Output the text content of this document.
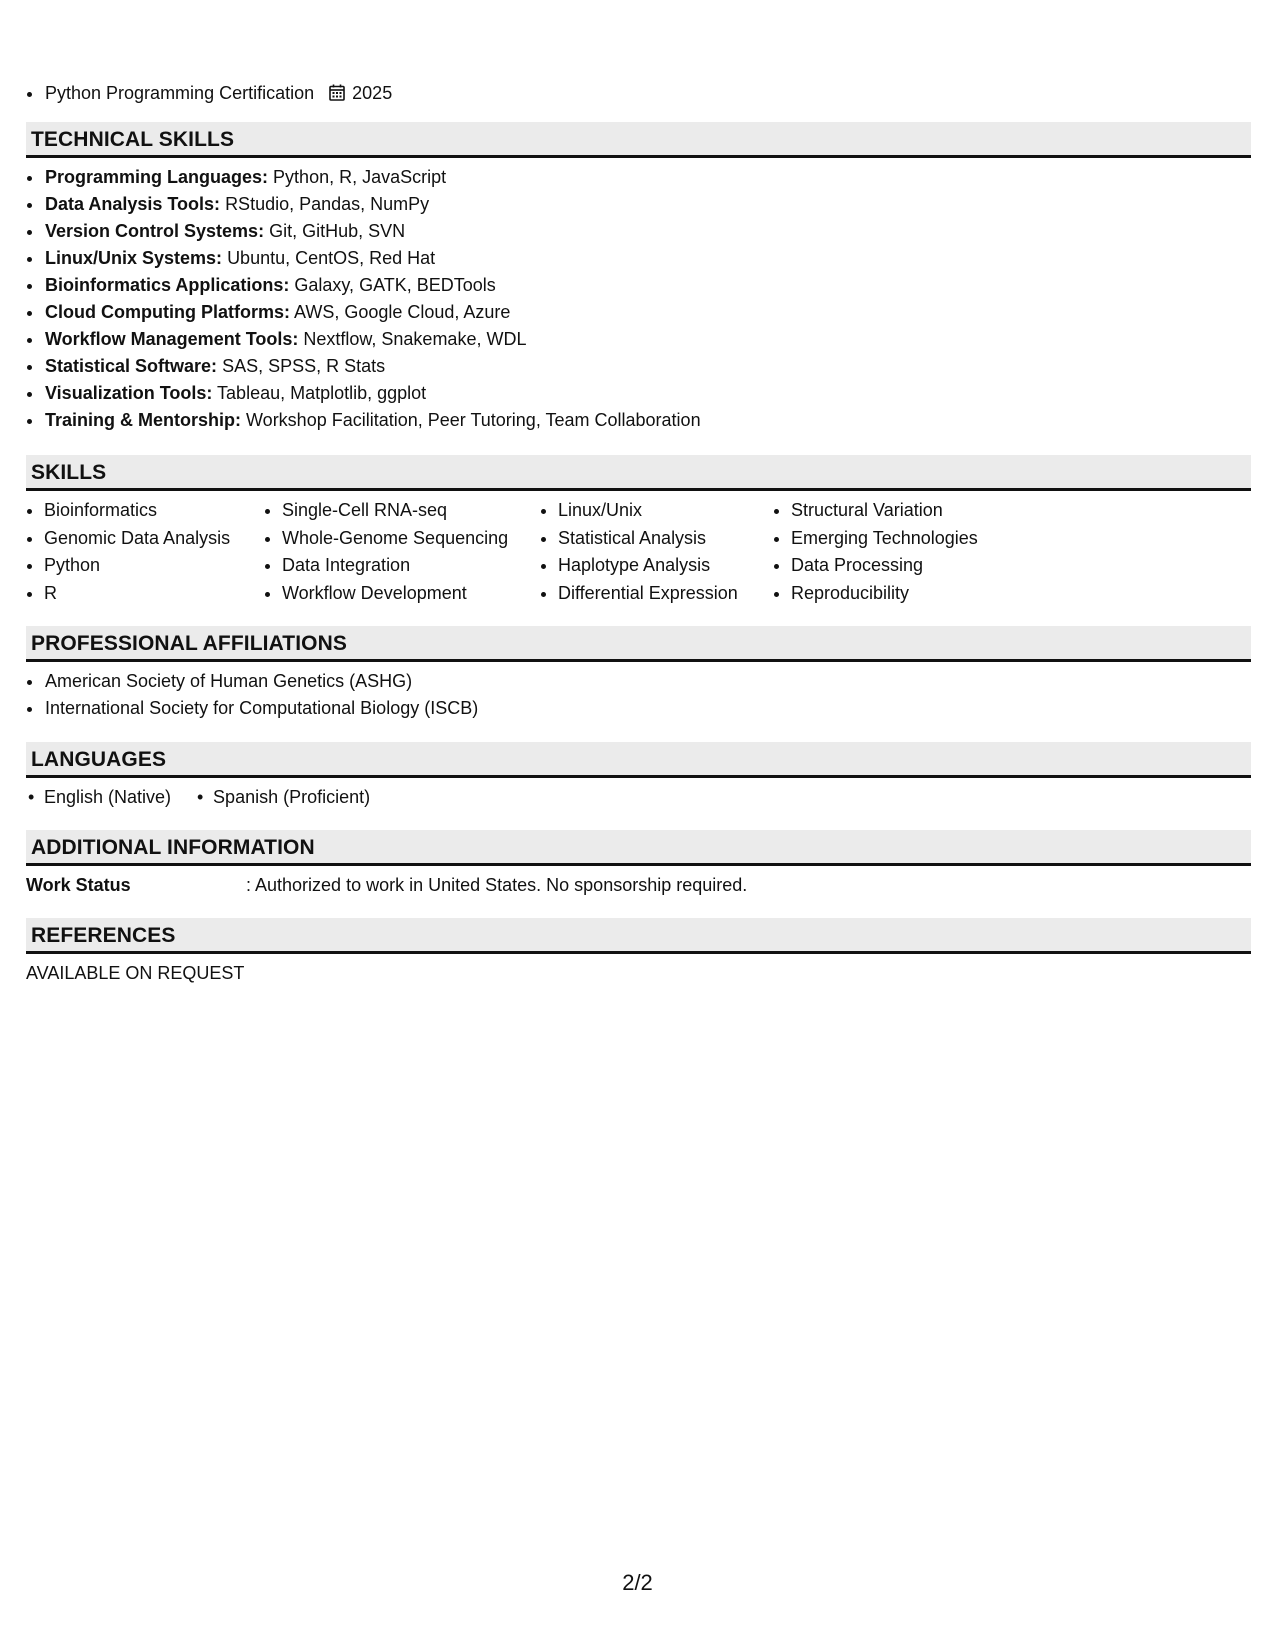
• Python Programming Certification 2025
TECHNICAL SKILLS
• Programming Languages: Python, R, JavaScript
• Data Analysis Tools: RStudio, Pandas, NumPy
• Version Control Systems: Git, GitHub, SVN
• Linux/Unix Systems: Ubuntu, CentOS, Red Hat
• Bioinformatics Applications: Galaxy, GATK, BEDTools
• Cloud Computing Platforms: AWS, Google Cloud, Azure
• Workflow Management Tools: Nextflow, Snakemake, WDL
• Statistical Software: SAS, SPSS, R Stats
• Visualization Tools: Tableau, Matplotlib, ggplot
• Training & Mentorship: Workshop Facilitation, Peer Tutoring, Team Collaboration
SKILLS
• Bioinformatics
• Genomic Data Analysis
• Python
• R
• Single-Cell RNA-seq
• Whole-Genome Sequencing
• Data Integration
• Workflow Development
• Linux/Unix
• Statistical Analysis
• Haplotype Analysis
• Differential Expression
• Structural Variation
• Emerging Technologies
• Data Processing
• Reproducibility
PROFESSIONAL AFFILIATIONS
• American Society of Human Genetics (ASHG)
• International Society for Computational Biology (ISCB)
LANGUAGES
• English (Native)
•	Spanish (Proficient)
ADDITIONAL INFORMATION
Work Status	: Authorized to work in United States. No sponsorship required.
REFERENCES
AVAILABLE ON REQUEST
2/2
